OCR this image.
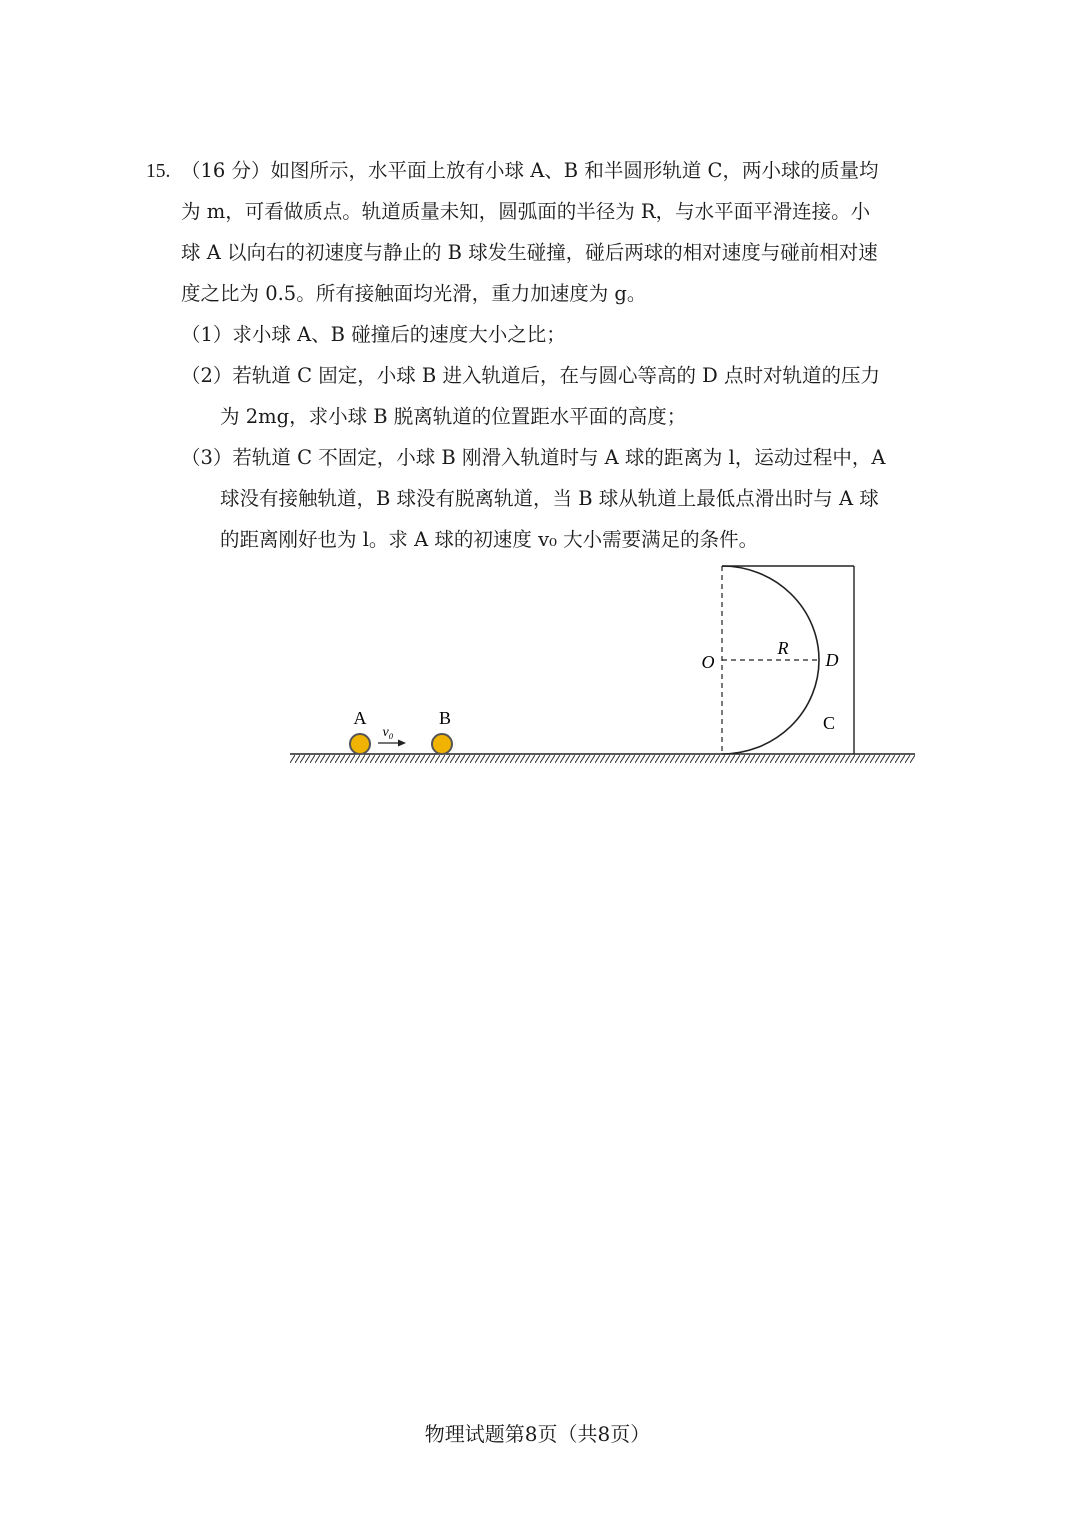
15. （16 分）如图所示，水平面上放有小球 A、B 和半圆形轨道 C，两小球的质量均
为 m，可看做质点。轨道质量未知，圆弧面的半径为 R，与水平面平滑连接。小
球 A 以向右的初速度与静止的 B 球发生碰撞，碰后两球的相对速度与碰前相对速
度之比为 0.5。所有接触面均光滑，重力加速度为 g。
（1）求小球 A、B 碰撞后的速度大小之比；
（2）若轨道 C 固定，小球 B 进入轨道后，在与圆心等高的 D 点时对轨道的压力
为 2mg，求小球 B 脱离轨道的位置距水平面的高度；
（3）若轨道 C 不固定，小球 B 刚滑入轨道时与 A 球的距离为 l，运动过程中，A
球没有接触轨道，B 球没有脱离轨道，当 B 球从轨道上最低点滑出时与 A 球
的距离刚好也为 l。求 A 球的初速度 v₀ 大小需要满足的条件。
A
v₀
B
O
R
D
C
物理试题第8页（共8页）
